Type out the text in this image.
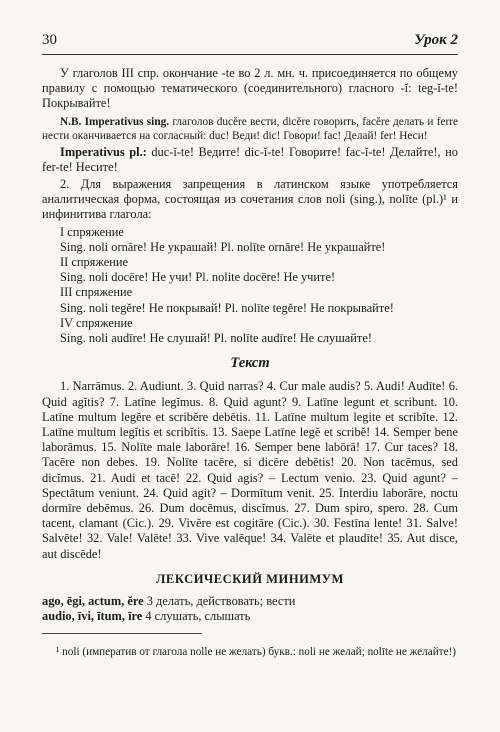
30	Урок 2

У глаголов III спр. окончание -te во 2 л. мн. ч. присоединяется по общему правилу с помощью тематического (соединительного) гласного -ĭ: teg-ĭ-te! Покрывайте!

N.B. Imperativus sing. глаголов ducĕre вести, dicĕre говорить, facĕre делать и ferre нести оканчивается на согласный: duc! Веди! dic! Говори! fac! Делай! fer! Неси!

Imperativus pl.: duc-ĭ-te! Ведите! dic-ĭ-te! Говорите! fac-ĭ-te! Делайте!, но fer-te! Несите!

2. Для выражения запрещения в латинском языке употребляется аналитическая форма, состоящая из сочетания слов noli (sing.), nolīte (pl.)¹ и инфинитива глагола:

I спряжение

Sing. noli ornāre! Не украшай! Pl. nolīte ornāre! Не украшайте!

II спряжение

Sing. noli docēre! Не учи! Pl. nolite docēre! Не учите!

III спряжение

Sing. noli tegĕre! Не покрывай! Pl. nolīte tegĕre! Не покрывайте!

IV спряжение

Sing. noli audīre! Не слушай! Pl. nolīte audīre! Не слушайте!

Текст

1. Narrāmus. 2. Audiunt. 3. Quid narras? 4. Cur male audis? 5. Audi! Audīte! 6. Quid agĭtis? 7. Latīne legĭmus. 8. Quid agunt? 9. Latīne legunt et scribunt. 10. Latīne multum legĕre et scribĕre debētis. 11. Latīne multum legite et scribĭte. 12. Latīne multum legĭtis et scribĭtis. 13. Saepe Latīne legĕ et scribĕ! 14. Semper bene laborāmus. 15. Nolīte male laborāre! 16. Semper bene labōrā! 17. Cur taces? 18. Tacēre non debes. 19. Nolīte tacēre, si dicēre debētis! 20. Non tacēmus, sed dicĭmus. 21. Audi et tacē! 22. Quid agis? – Lectum venio. 23. Quid agunt? – Spectātum veniunt. 24. Quid agit? – Dormītum venit. 25. Interdiu laborāre, noctu dormīre debēmus. 26. Dum docēmus, discĭmus. 27. Dum spiro, spero. 28. Cum tacent, clamant (Cic.). 29. Vivĕre est cogitāre (Cic.). 30. Festīna lente! 31. Salve! Salvēte! 32. Vale! Valēte! 33. Vive valēque! 34. Valēte et plaudīte! 35. Aut disce, aut discēde!

ЛЕКСИЧЕСКИЙ МИНИМУМ

ago, ēgi, actum, ĕre 3 делать, действовать; вести

audio, īvi, ītum, īre 4 слушать, слышать

¹ noli (императив от глагола nolle не желать) букв.: noli не желай; nolīte не желайте!)
